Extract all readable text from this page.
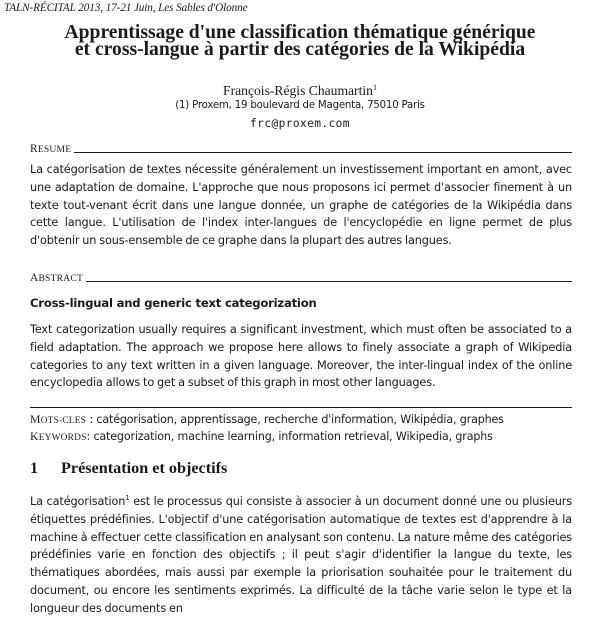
TALN-RÉCITAL 2013, 17-21 Juin, Les Sables d'Olonne
Apprentissage d'une classification thématique générique
et cross-langue à partir des catégories de la Wikipédia
François-Régis Chaumartin$^1$
(1) Proxem, 19 boulevard de Magenta, 75010 Paris
frc@proxem.com
RESUME

La catégorisation de textes nécessite généralement un investissement important en amont, avec une adaptation de domaine. L'approche que nous proposons ici permet d'associer finement à un texte tout-venant écrit dans une langue donnée, un graphe de catégories de la Wikipédia dans cette langue. L'utilisation de l'index inter-langues de l'encyclopédie en ligne permet de plus d'obtenir un sous-ensemble de ce graphe dans la plupart des autres langues.

ABSTRACT
Cross-lingual and generic text categorization

Text categorization usually requires a significant investment, which must often be associated to a field adaptation. The approach we propose here allows to finely associate a graph of Wikipedia categories to any text written in a given language. Moreover, the inter-lingual index of the online encyclopedia allows to get a subset of this graph in most other languages.

MOTS-CLES : catégorisation, apprentissage, recherche d'information, Wikipédia, graphes
KEYWORDS: categorization, machine learning, information retrieval, Wikipedia, graphs
1 Présentation et objectifs

La catégorisation$^1$ est le processus qui consiste à associer à un document donné une ou plusieurs étiquettes prédéfinies. L'objectif d'une catégorisation automatique de textes est d'apprendre à la machine à effectuer cette classification en analysant son contenu. La nature même des catégories prédéfinies varie en fonction des objectifs ; il peut s'agir d'identifier la langue du texte, les thématiques abordées, mais aussi par exemple la priorisation souhaitée pour le traitement du document, ou encore les sentiments exprimés. La difficulté de la tâche varie selon le type et la longueur des documents en
